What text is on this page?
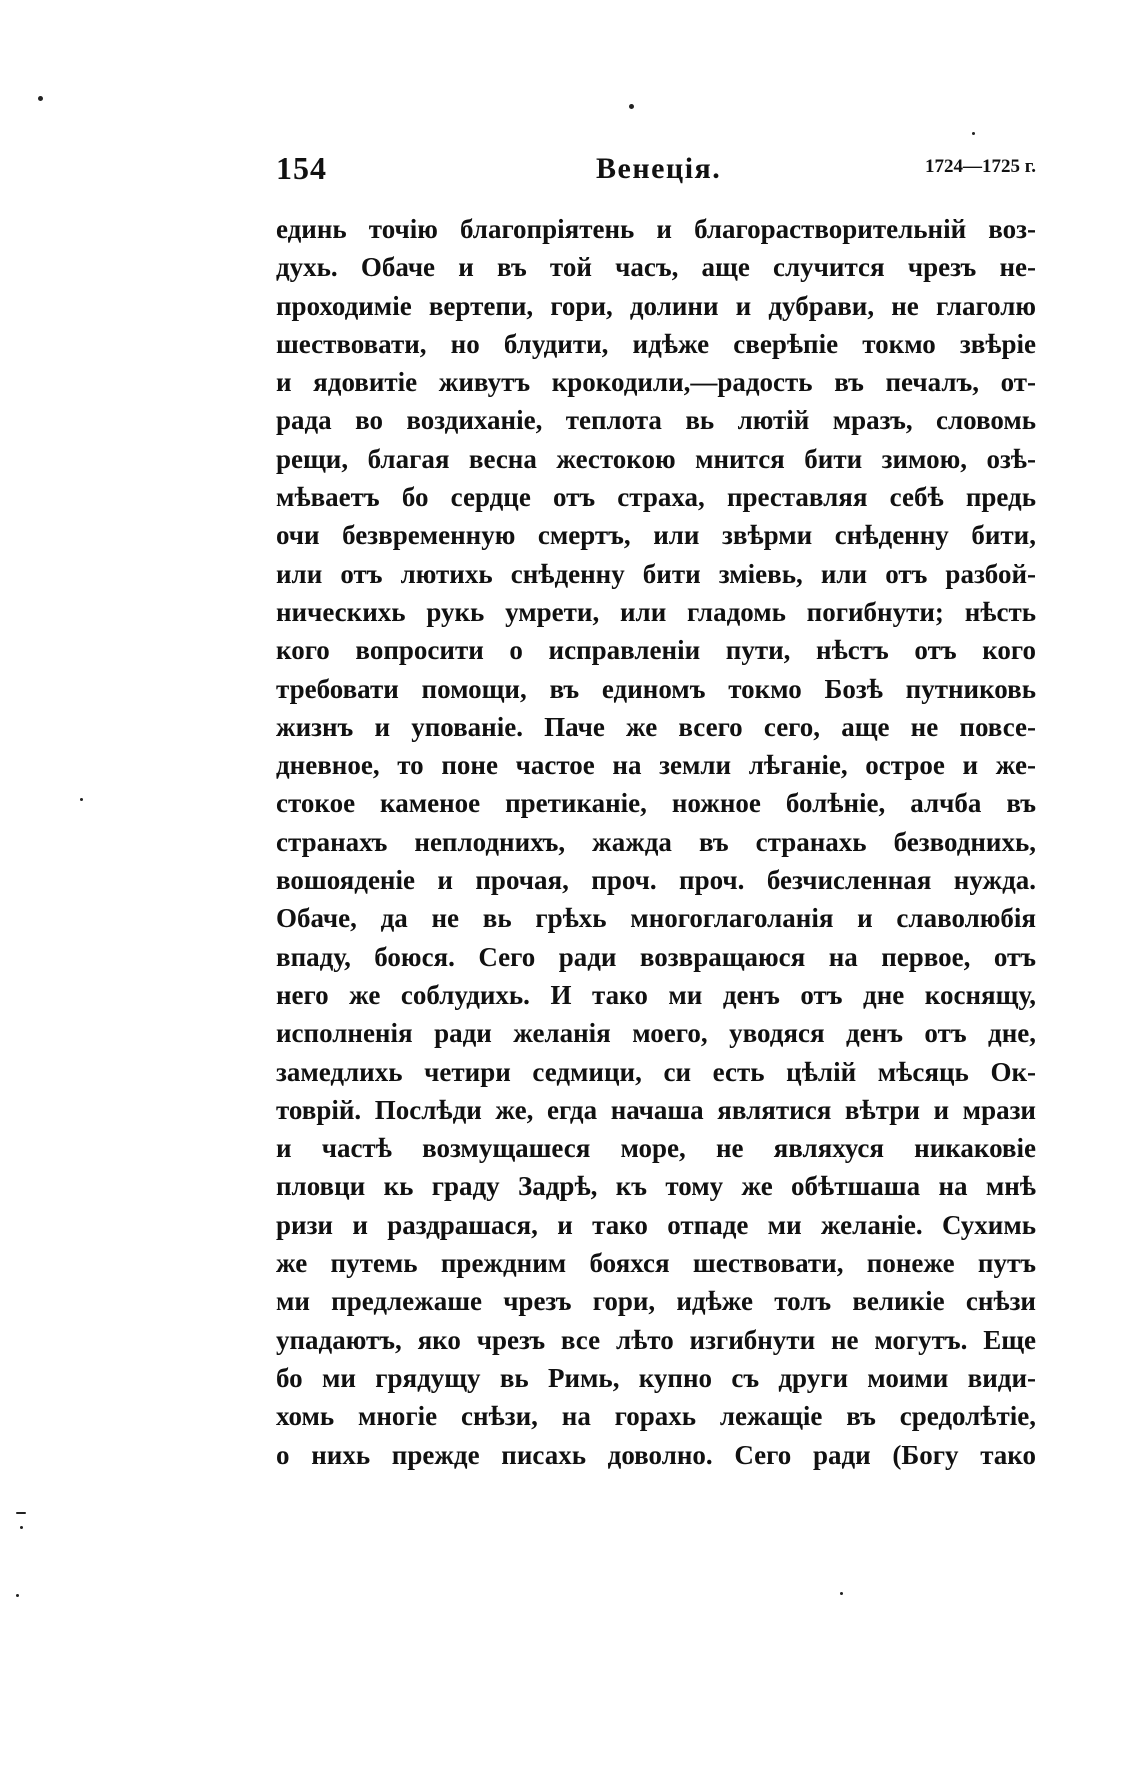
154	Венеція.	1724—1725 г.
единь точію благопріятень и благорастворительній воз-
духь. Обаче и въ той часъ, аще случится чрезъ не-
проходиміе вертепи, гори, долини и дубрави, не глаголю
шествовати, но блудити, идѣже сверѣпіе токмо звѣріе
и ядовитіе живутъ крокодили,—радость въ печалъ, от-
рада во воздиханіе, теплота вь лютій мразъ, словомь
рещи, благая весна жестокою мнится бити зимою, озѣ-
мѣваетъ бо сердце отъ страха, преставляя себѣ предь
очи безвременную смертъ, или звѣрми снѣденну бити,
или отъ лютихь снѣденну бити зміевь, или отъ разбой-
ническихь рукь умрети, или гладомь погибнути; нѣсть
кого вопросити о исправленіи пути, нѣстъ отъ кого
требовати помощи, въ единомъ токмо Бозѣ путниковь
жизнъ и упованіе. Паче же всего сего, аще не повсе-
дневное, то поне частое на земли лѣганіе, острое и же-
стокое каменое претиканіе, ножное болѣніе, алчба въ
странахъ неплоднихъ, жажда въ странахь безводнихь,
вошояденіе и прочая, проч. проч. безчисленная нужда.
Обаче, да не вь грѣхь многоглаголанія и славолюбія
впаду, боюся. Сего ради возвращаюся на первое, отъ
него же соблудихь. И тако ми денъ отъ дне коснящу,
исполненія ради желанія моего, уводяся денъ отъ дне,
замедлихь четири седмици, си есть цѣлій мѣсяць Ок-
товрій. Послѣди же, егда начаша являтися вѣтри и мрази
и частѣ возмущашеся море, не являхуся никаковіе
пловци кь граду Задрѣ, къ тому же обѣтшаша на мнѣ
ризи и раздрашася, и тако отпаде ми желаніе. Сухимь
же путемь преждним бояхся шествовати, понеже путъ
ми предлежаше чрезъ гори, идѣже толъ великіе снѣзи
упадаютъ, яко чрезъ все лѣто изгибнути не могутъ. Еще
бо ми грядущу вь Римь, купно съ други моими види-
хомь многіе снѣзи, на горахь лежащіе въ средолѣтіе,
о нихь прежде писахь доволно. Сего ради (Богу тако
